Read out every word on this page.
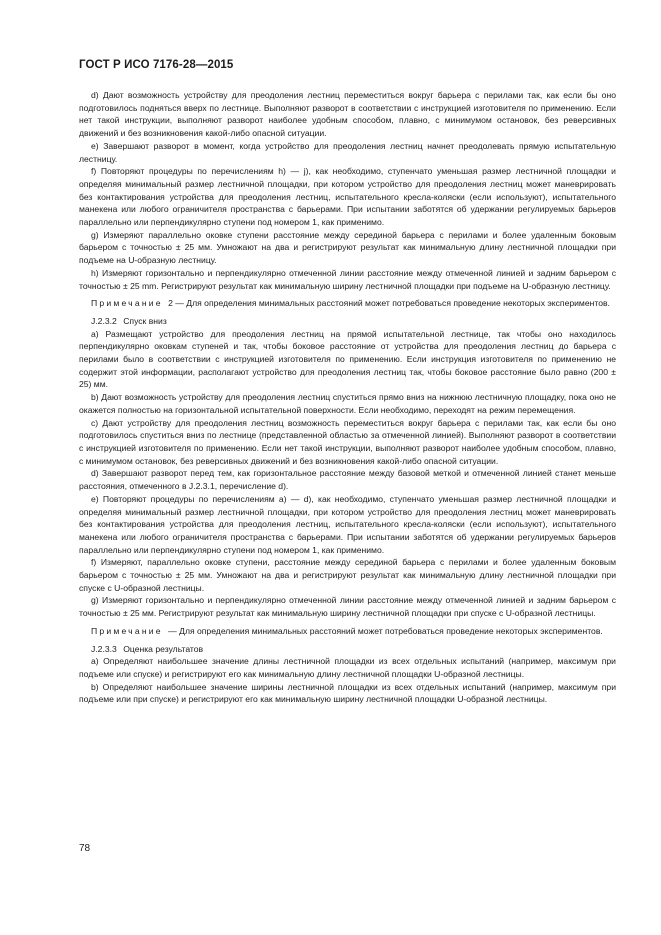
ГОСТ Р ИСО 7176-28—2015

d) Дают возможность устройству для преодоления лестниц переместиться вокруг барьера с перилами так, как если бы оно подготовилось подняться вверх по лестнице. Выполняют разворот в соответствии с инструкцией изготовителя по применению. Если нет такой инструкции, выполняют разворот наиболее удобным способом, плавно, с минимумом остановок, без реверсивных движений и без возникновения какой-либо опасной ситуации.

e) Завершают разворот в момент, когда устройство для преодоления лестниц начнет преодолевать прямую испытательную лестницу.

f) Повторяют процедуры по перечислениям h) — j), как необходимо, ступенчато уменьшая размер лестничной площадки и определяя минимальный размер лестничной площадки, при котором устройство для преодоления лестниц может маневрировать без контактирования устройства для преодоления лестниц, испытательного кресла-коляски (если используют), испытательного манекена или любого ограничителя пространства с барьерами. При испытании заботятся об удержании регулируемых барьеров параллельно или перпендикулярно ступени под номером 1, как применимо.

g) Измеряют параллельно оковке ступени расстояние между серединой барьера с перилами и более удаленным боковым барьером с точностью ± 25 мм. Умножают на два и регистрируют результат как минимальную длину лестничной площадки при подъеме на U-образную лестницу.

h) Измеряют горизонтально и перпендикулярно отмеченной линии расстояние между отмеченной линией и задним барьером с точностью ± 25 mm. Регистрируют результат как минимальную ширину лестничной площадки при подъеме на U-образную лестницу.

Примечание 2 — Для определения минимальных расстояний может потребоваться проведение некоторых экспериментов.

J.2.3.2 Спуск вниз

a) Размещают устройство для преодоления лестниц на прямой испытательной лестнице, так чтобы оно находилось перпендикулярно оковкам ступеней и так, чтобы боковое расстояние от устройства для преодоления лестниц до барьера с перилами было в соответствии с инструкцией изготовителя по применению. Если инструкция изготовителя по применению не содержит этой информации, располагают устройство для преодоления лестниц так, чтобы боковое расстояние было равно (200 ± 25) мм.

b) Дают возможность устройству для преодоления лестниц спуститься прямо вниз на нижнюю лестничную площадку, пока оно не окажется полностью на горизонтальной испытательной поверхности. Если необходимо, переходят на режим перемещения.

c) Дают устройству для преодоления лестниц возможность переместиться вокруг барьера с перилами так, как если бы оно подготовилось спуститься вниз по лестнице (представленной областью за отмеченной линией). Выполняют разворот в соответствии с инструкцией изготовителя по применению. Если нет такой инструкции, выполняют разворот наиболее удобным способом, плавно, с минимумом остановок, без реверсивных движений и без возникновения какой-либо опасной ситуации.

d) Завершают разворот перед тем, как горизонтальное расстояние между базовой меткой и отмеченной линией станет меньше расстояния, отмеченного в J.2.3.1, перечисление d).

e) Повторяют процедуры по перечислениям а) — d), как необходимо, ступенчато уменьшая размер лестничной площадки и определяя минимальный размер лестничной площадки, при котором устройство для преодоления лестниц может маневрировать без контактирования устройства для преодоления лестниц, испытательного кресла-коляски (если используют), испытательного манекена или любого ограничителя пространства с барьерами. При испытании заботятся об удержании регулируемых барьеров параллельно или перпендикулярно ступени под номером 1, как применимо.

f) Измеряют, параллельно оковке ступени, расстояние между серединой барьера с перилами и более удаленным боковым барьером с точностью ± 25 мм. Умножают на два и регистрируют результат как минимальную длину лестничной площадки при спуске с U-образной лестницы.

g) Измеряют горизонтально и перпендикулярно отмеченной линии расстояние между отмеченной линией и задним барьером с точностью ± 25 мм. Регистрируют результат как минимальную ширину лестничной площадки при спуске с U-образной лестницы.

Примечание — Для определения минимальных расстояний может потребоваться проведение некоторых экспериментов.

J.2.3.3 Оценка результатов

a) Определяют наибольшее значение длины лестничной площадки из всех отдельных испытаний (например, максимум при подъеме или спуске) и регистрируют его как минимальную длину лестничной площадки U-образной лестницы.

b) Определяют наибольшее значение ширины лестничной площадки из всех отдельных испытаний (например, максимум при подъеме или при спуске) и регистрируют его как минимальную ширину лестничной площадки U-образной лестницы.

78
